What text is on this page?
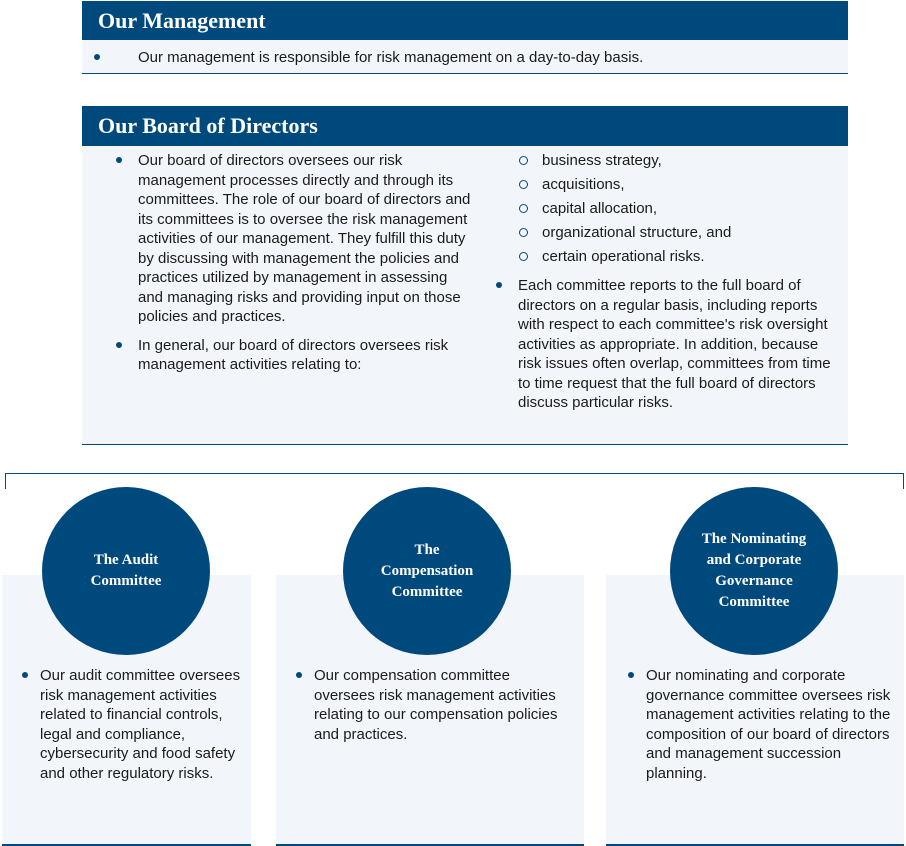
Our Management
Our management is responsible for risk management on a day-to-day basis.
Our Board of Directors
Our board of directors oversees our risk management processes directly and through its committees. The role of our board of directors and its committees is to oversee the risk management activities of our management. They fulfill this duty by discussing with management the policies and practices utilized by management in assessing and managing risks and providing input on those policies and practices.
In general, our board of directors oversees risk management activities relating to:
business strategy,
acquisitions,
capital allocation,
organizational structure, and
certain operational risks.
Each committee reports to the full board of directors on a regular basis, including reports with respect to each committee's risk oversight activities as appropriate. In addition, because risk issues often overlap, committees from time to time request that the full board of directors discuss particular risks.
Our audit committee oversees risk management activities related to financial controls, legal and compliance, cybersecurity and food safety and other regulatory risks.
The Audit
Committee
Our compensation committee oversees risk management activities relating to our compensation policies and practices.
The
Compensation
Committee
Our nominating and corporate governance committee oversees risk management activities relating to the composition of our board of directors and management succession planning.
The Nominating
and Corporate
Governance
Committee
